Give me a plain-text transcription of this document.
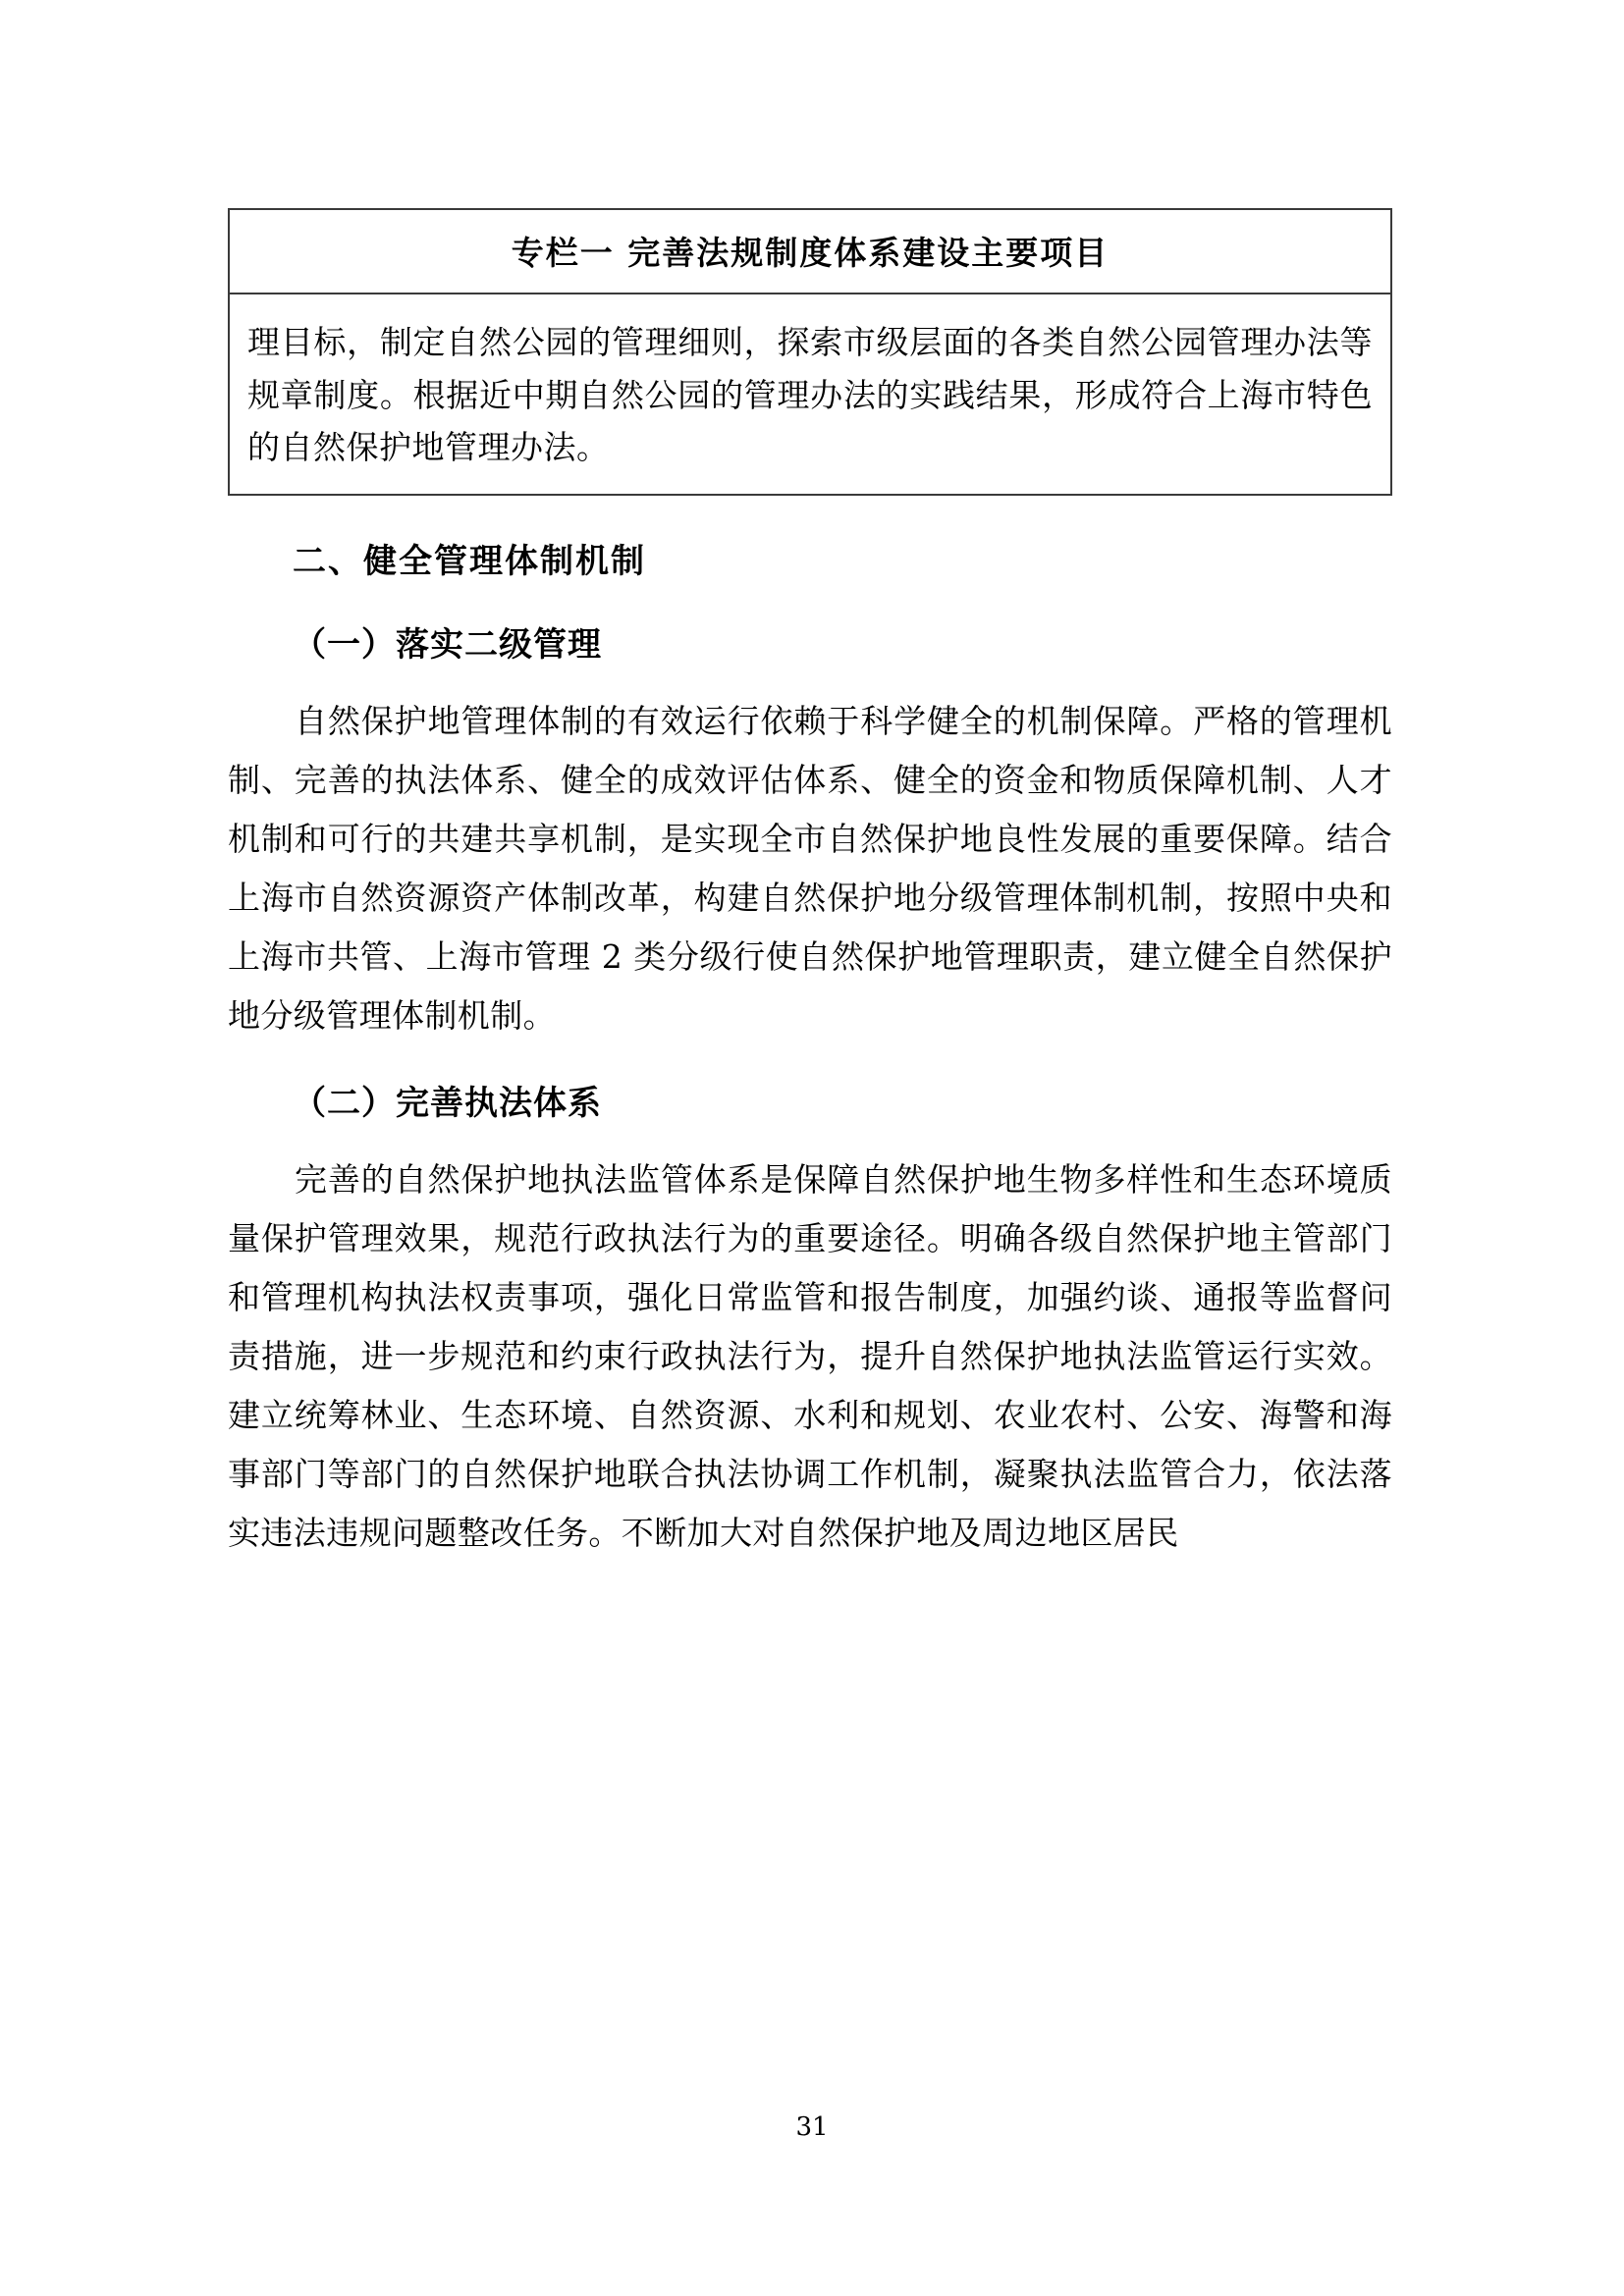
专栏一 完善法规制度体系建设主要项目

理目标，制定自然公园的管理细则，探索市级层面的各类自然公园管理办法等规章制度。根据近中期自然公园的管理办法的实践结果，形成符合上海市特色的自然保护地管理办法。

二、健全管理体制机制
（一）落实二级管理

自然保护地管理体制的有效运行依赖于科学健全的机制保障。严格的管理机制、完善的执法体系、健全的成效评估体系、健全的资金和物质保障机制、人才机制和可行的共建共享机制，是实现全市自然保护地良性发展的重要保障。结合上海市自然资源资产体制改革，构建自然保护地分级管理体制机制，按照中央和上海市共管、上海市管理 2 类分级行使自然保护地管理职责，建立健全自然保护地分级管理体制机制。

（二）完善执法体系

完善的自然保护地执法监管体系是保障自然保护地生物多样性和生态环境质量保护管理效果，规范行政执法行为的重要途径。明确各级自然保护地主管部门和管理机构执法权责事项，强化日常监管和报告制度，加强约谈、通报等监督问责措施，进一步规范和约束行政执法行为，提升自然保护地执法监管运行实效。建立统筹林业、生态环境、自然资源、水利和规划、农业农村、公安、海警和海事部门等部门的自然保护地联合执法协调工作机制，凝聚执法监管合力，依法落实违法违规问题整改任务。不断加大对自然保护地及周边地区居民

31
